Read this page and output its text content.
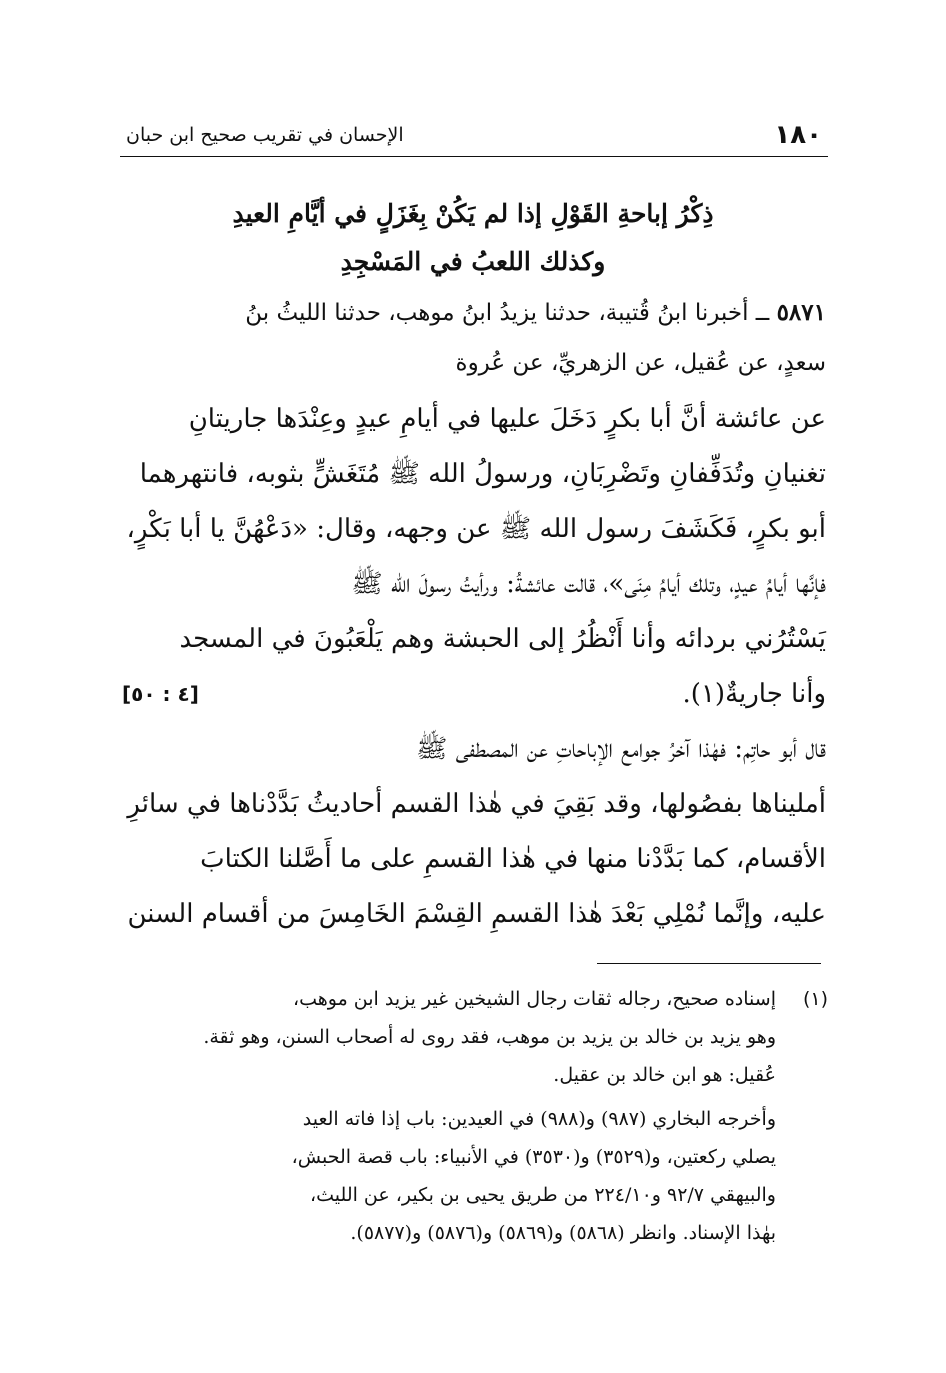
١٨٠
الإحسان في تقريب صحيح ابن حبان
ذِكْرُ إباحةِ القَوْلِ إذا لم يَكُنْ بِغَزَلٍ في أيَّامِ العيدِ
وكذلك اللعبُ في المَسْجِدِ
٥٨٧١ ــ أخبرنا ابنُ قُتيبة، حدثنا يزيدُ ابنُ موهب، حدثنا الليثُ بنُ
سعدٍ، عن عُقيل، عن الزهريِّ، عن عُروة
عن عائشة أنَّ أبا بكرٍ دَخَلَ عليها في أيامِ عيدٍ وعِنْدَها جاريتانِ
تغنيانِ وتُدَفِّفانِ وتَضْرِبَانِ، ورسولُ الله ﷺ مُتَغَشٍّ بثوبه، فانتهرهما
أبو بكرٍ، فَكَشَفَ رسول الله ﷺ عن وجهه، وقال: «دَعْهُنَّ يا أبا بَكْرٍ،
فإنَّها أيامُ عيدٍ، وتلك أيامُ مِنَى»، قالت عائشةُ: ورأيتُ رسولَ الله ﷺ
يَسْتُرُني بردائه وأنا أَنْظُرُ إلى الحبشة وهم يَلْعَبُونَ في المسجد
وأنا جاريةٌ(١).
[٤ : ٥٠]
قال أبو حاتِم: فهٰذا آخرُ جوامع الإباحاتِ عن المصطفى ﷺ
أمليناها بفصُولها، وقد بَقِيَ في هٰذا القسم أحاديثُ بَدَّدْناها في سائرِ
الأقسام، كما بَدَّدْنا منها في هٰذا القسمِ على ما أَصَّلنا الكتابَ
عليه، وإنَّما نُمْلِي بَعْدَ هٰذا القسمِ القِسْمَ الخَامِسَ من أقسام السنن
(١)
إسناده صحيح، رجاله ثقات رجال الشيخين غير يزيد ابن موهب،
وهو يزيد بن خالد بن يزيد بن موهب، فقد روى له أصحاب السنن، وهو ثقة.
عُقيل: هو ابن خالد بن عقيل.
وأخرجه البخاري (٩٨٧) و(٩٨٨) في العيدين: باب إذا فاته العيد
يصلي ركعتين، و(٣٥٢٩) و(٣٥٣٠) في الأنبياء: باب قصة الحبش،
والبيهقي ٩٢/٧ و٢٢٤/١٠ من طريق يحيى بن بكير، عن الليث،
بهٰذا الإسناد. وانظر (٥٨٦٨) و(٥٨٦٩) و(٥٨٧٦) و(٥٨٧٧).
